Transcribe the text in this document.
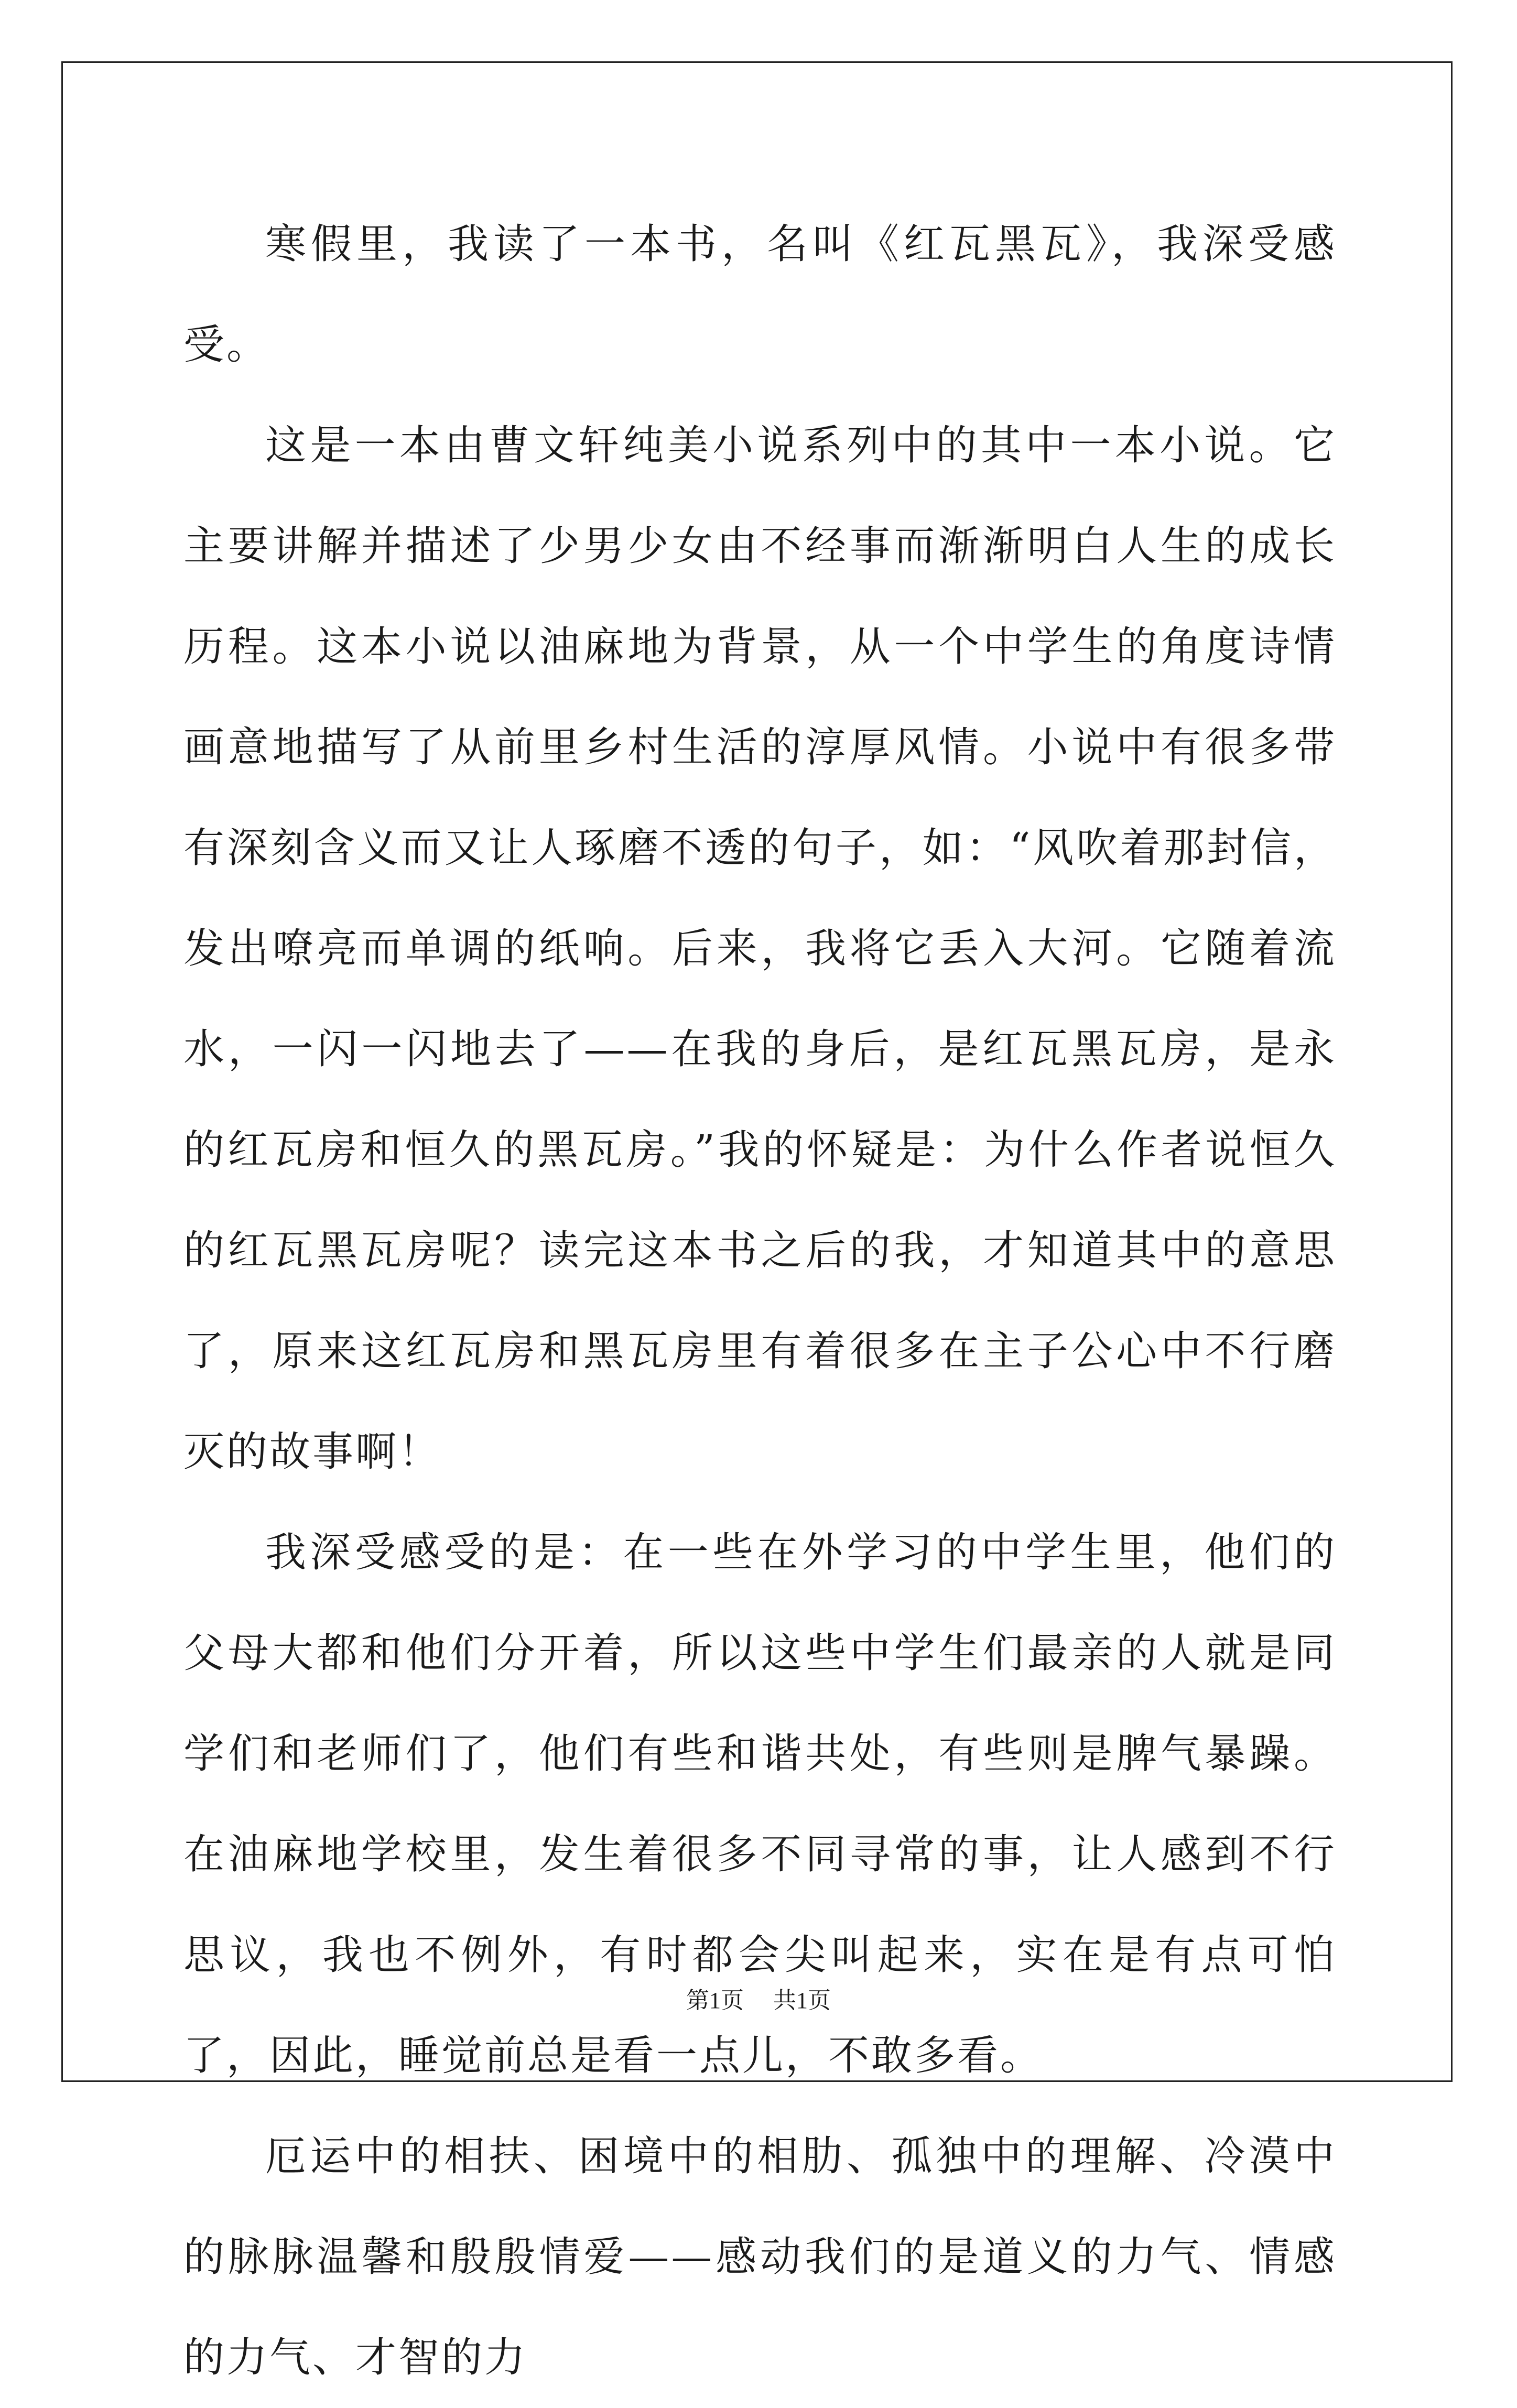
寒假里，我读了一本书，名叫《红瓦黑瓦》，我深受感受。

这是一本由曹文轩纯美小说系列中的其中一本小说。它主要讲解并描述了少男少女由不经事而渐渐明白人生的成长历程。这本小说以油麻地为背景，从一个中学生的角度诗情画意地描写了从前里乡村生活的淳厚风情。小说中有很多带有深刻含义而又让人琢磨不透的句子，如：“风吹着那封信，发出嘹亮而单调的纸响。后来，我将它丢入大河。它随着流水，一闪一闪地去了——在我的身后，是红瓦黑瓦房，是永的红瓦房和恒久的黑瓦房。”我的怀疑是：为什么作者说恒久的红瓦黑瓦房呢？读完这本书之后的我，才知道其中的意思了，原来这红瓦房和黑瓦房里有着很多在主子公心中不行磨灭的故事啊！

我深受感受的是：在一些在外学习的中学生里，他们的父母大都和他们分开着，所以这些中学生们最亲的人就是同学们和老师们了，他们有些和谐共处，有些则是脾气暴躁。在油麻地学校里，发生着很多不同寻常的事，让人感到不行思议，我也不例外，有时都会尖叫起来，实在是有点可怕了，因此，睡觉前总是看一点儿，不敢多看。

厄运中的相扶、困境中的相肋、孤独中的理解、冷漠中的脉脉温馨和殷殷情爱——感动我们的是道义的力气、情感的力气、才智的力

第1页 共1页
